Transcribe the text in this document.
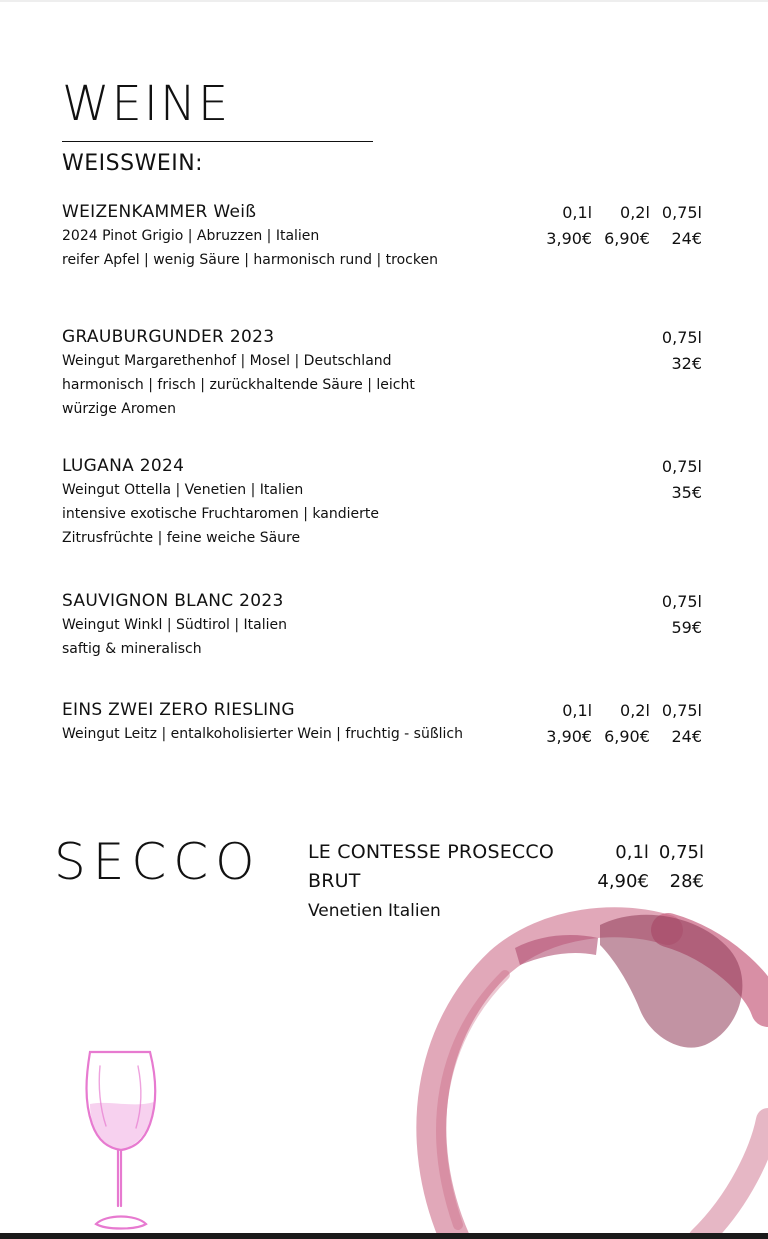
WEINE
WEISSWEIN:
WEIZENKAMMER Weiß
2024 Pinot Grigio | Abruzzen | Italien
reifer Apfel | wenig Säure | harmonisch rund | trocken
0,1l	0,2l 0,75l
3,90€ 6,90€	24€
GRAUBURGUNDER 2023
Weingut Margarethenhof | Mosel | Deutschland
harmonisch | frisch | zurückhaltende Säure | leicht würzige Aromen
0,75l
32€
LUGANA 2024
Weingut Ottella | Venetien | Italien
intensive exotische Fruchtaromen | kandierte Zitrusfrüchte | feine weiche Säure
0,75l
35€
SAUVIGNON BLANC 2023
Weingut Winkl | Südtirol | Italien
saftig & mineralisch
0,75l
59€
EINS ZWEI ZERO RIESLING
Weingut Leitz | entalkoholisierter Wein | fruchtig - süßlich
0,1l	0,2l 0,75l
3,90€ 6,90€	24€
SECCO LE CONTESSE PROSECCO BRUT
Venetien Italien
0,1l 0,75l
4,90€	28€
